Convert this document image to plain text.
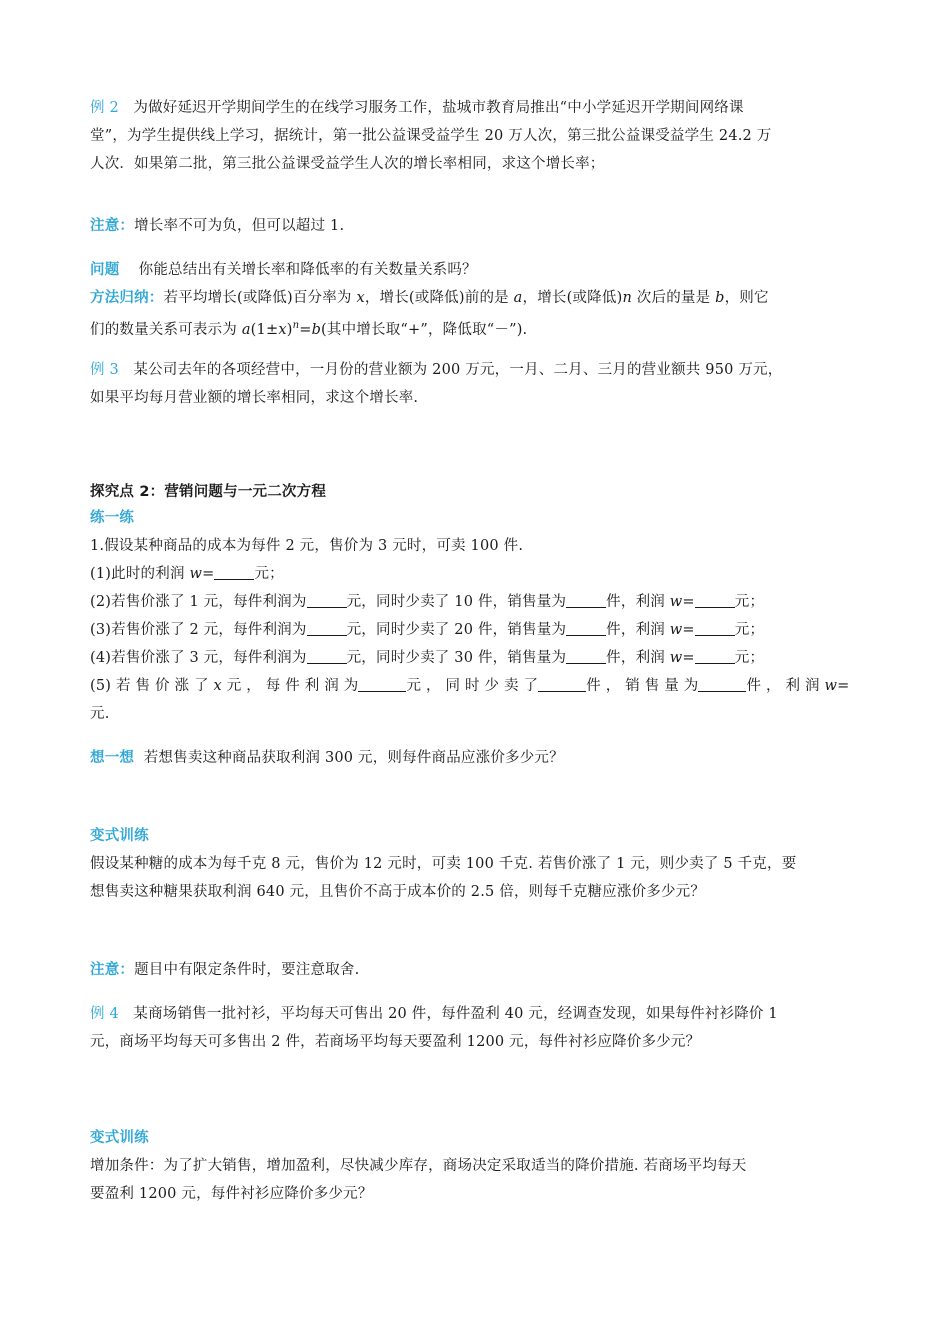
例 2 为做好延迟开学期间学生的在线学习服务工作，盐城市教育局推出“中小学延迟开学期间网络课
堂”，为学生提供线上学习，据统计，第一批公益课受益学生 20 万人次，第三批公益课受益学生 24.2 万
人次．如果第二批，第三批公益课受益学生人次的增长率相同，求这个增长率；
注意：增长率不可为负，但可以超过 1.
问题 你能总结出有关增长率和降低率的有关数量关系吗？
方法归纳：若平均增长(或降低)百分率为 x，增长(或降低)前的是 a，增长(或降低)n 次后的量是 b，则它
们的数量关系可表示为 $a(1\pm x)^n=b$(其中增长取“+”，降低取“－”).
例 3 某公司去年的各项经营中，一月份的营业额为 200 万元，一月、二月、三月的营业额共 950 万元，
如果平均每月营业额的增长率相同，求这个增长率.
探究点 2：营销问题与一元二次方程
练一练
1.假设某种商品的成本为每件 2 元，售价为 3 元时，可卖 100 件.
(1)此时的利润 w=	元；
(2)若售价涨了 1 元，每件利润为	元，同时少卖了 10 件，销售量为	件，利润 w=	元；
(3)若售价涨了 2 元，每件利润为	元，同时少卖了 20 件，销售量为	件，利润 w=	元；
(4)若售价涨了 3 元，每件利润为	元，同时少卖了 30 件，销售量为	件，利润 w=	元；
(5) 若 售 价 涨 了 x 元 ， 每 件 利 润 为	元 ， 同 时 少 卖 了	件 ， 销 售 量 为	件 ， 利 润 w=
元.
想一想 若想售卖这种商品获取利润 300 元，则每件商品应涨价多少元？
变式训练
假设某种糖的成本为每千克 8 元，售价为 12 元时，可卖 100 千克. 若售价涨了 1 元，则少卖了 5 千克，要
想售卖这种糖果获取利润 640 元，且售价不高于成本价的 2.5 倍，则每千克糖应涨价多少元？
注意：题目中有限定条件时，要注意取舍.
例 4 某商场销售一批衬衫，平均每天可售出 20 件，每件盈利 40 元，经调查发现，如果每件衬衫降价 1
元，商场平均每天可多售出 2 件，若商场平均每天要盈利 1200 元，每件衬衫应降价多少元？
变式训练
增加条件：为了扩大销售，增加盈利，尽快减少库存，商场决定采取适当的降价措施. 若商场平均每天
要盈利 1200 元，每件衬衫应降价多少元？
